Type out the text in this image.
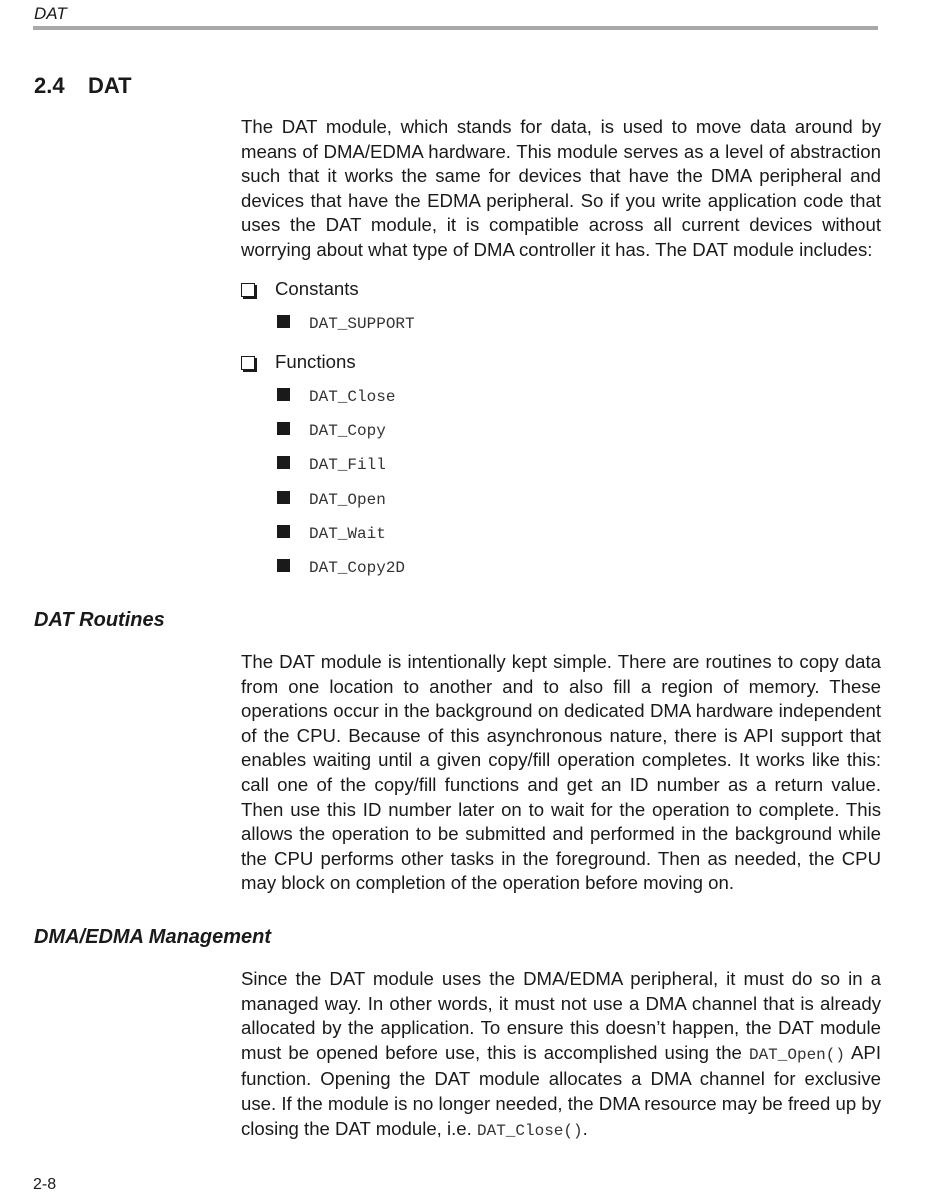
DAT
2.4 DAT

The DAT module, which stands for data, is used to move data around by means of DMA/EDMA hardware. This module serves as a level of abstraction such that it works the same for devices that have the DMA peripheral and devices that have the EDMA peripheral. So if you write application code that uses the DAT module, it is compatible across all current devices without worrying about what type of DMA controller it has. The DAT module includes:

Constants
DAT_SUPPORT
Functions
DAT_Close
DAT_Copy
DAT_Fill
DAT_Open
DAT_Wait
DAT_Copy2D
DAT Routines

The DAT module is intentionally kept simple. There are routines to copy data from one location to another and to also fill a region of memory. These operations occur in the background on dedicated DMA hardware independent of the CPU. Because of this asynchronous nature, there is API support that enables waiting until a given copy/fill operation completes. It works like this: call one of the copy/fill functions and get an ID number as a return value. Then use this ID number later on to wait for the operation to complete. This allows the operation to be submitted and performed in the background while the CPU performs other tasks in the foreground. Then as needed, the CPU may block on completion of the operation before moving on.

DMA/EDMA Management

Since the DAT module uses the DMA/EDMA peripheral, it must do so in a managed way. In other words, it must not use a DMA channel that is already allocated by the application. To ensure this doesn’t happen, the DAT module must be opened before use, this is accomplished using the DAT_Open() API function. Opening the DAT module allocates a DMA channel for exclusive use. If the module is no longer needed, the DMA resource may be freed up by closing the DAT module, i.e. DAT_Close().

2-8
